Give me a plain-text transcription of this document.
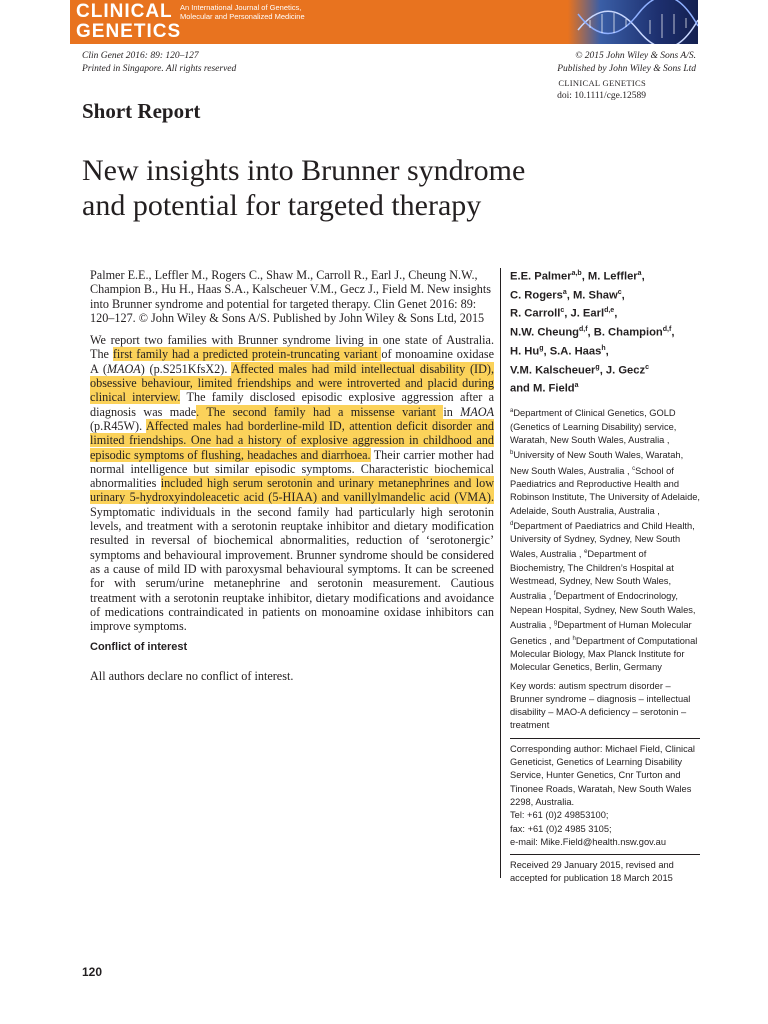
CLINICAL
GENETICS
An International Journal of Genetics, Molecular and Personalized Medicine
Clin Genet 2016: 89: 120–127
Printed in Singapore. All rights reserved
© 2015 John Wiley & Sons A/S.
Published by John Wiley & Sons Ltd
CLINICAL GENETICS
doi: 10.1111/cge.12589
Short Report
New insights into Brunner syndrome
and potential for targeted therapy

Palmer E.E., Leffler M., Rogers C., Shaw M., Carroll R., Earl J., Cheung N.W., Champion B., Hu H., Haas S.A., Kalscheuer V.M., Gecz J., Field M. New insights into Brunner syndrome and potential for targeted therapy. Clin Genet 2016: 89: 120–127. © John Wiley & Sons A/S. Published by John Wiley & Sons Ltd, 2015

We report two families with Brunner syndrome living in one state of Australia. The first family had a predicted protein-truncating variant of monoamine oxidase A (MAOA) (p.S251KfsX2). Affected males had mild intellectual disability (ID), obsessive behaviour, limited friendships and were introverted and placid during clinical interview. The family disclosed episodic explosive aggression after a diagnosis was made. The second family had a missense variant in MAOA (p.R45W). Affected males had borderline-mild ID, attention deficit disorder and limited friendships. One had a history of explosive aggression in childhood and episodic symptoms of flushing, headaches and diarrhoea. Their carrier mother had normal intelligence but similar episodic symptoms. Characteristic biochemical abnormalities included high serum serotonin and urinary metanephrines and low urinary 5-hydroxyindoleacetic acid (5-HIAA) and vanillylmandelic acid (VMA). Symptomatic individuals in the second family had particularly high serotonin levels, and treatment with a serotonin reuptake inhibitor and dietary modification resulted in reversal of biochemical abnormalities, reduction of ‘serotonergic’ symptoms and behavioural improvement. Brunner syndrome should be considered as a cause of mild ID with paroxysmal behavioural symptoms. It can be screened for with serum/urine metanephrine and serotonin measurement. Cautious treatment with a serotonin reuptake inhibitor, dietary modifications and avoidance of medications contraindicated in patients on monoamine oxidase inhibitors can improve symptoms.

Conflict of interest

All authors declare no conflict of interest.

E.E. Palmer$^{a,b}$, M. Leffler$^a$,
C. Rogers$^a$, M. Shaw$^c$,
R. Carroll$^c$, J. Earl$^{d,e}$,
N.W. Cheung$^{d,f}$, B. Champion$^{d,f}$,
H. Hu$^g$, S.A. Haas$^h$,
V.M. Kalscheuer$^g$, J. Gecz$^c$
and M. Field$^a$

$^a$Department of Clinical Genetics, GOLD (Genetics of Learning Disability) service, Waratah, New South Wales, Australia , $^b$University of New South Wales, Waratah, New South Wales, Australia , $^c$School of Paediatrics and Reproductive Health and Robinson Institute, The University of Adelaide, Adelaide, South Australia, Australia , $^d$Department of Paediatrics and Child Health, University of Sydney, Sydney, New South Wales, Australia , $^e$Department of Biochemistry, The Children’s Hospital at Westmead, Sydney, New South Wales, Australia , $^f$Department of Endocrinology, Nepean Hospital, Sydney, New South Wales, Australia , $^g$Department of Human Molecular Genetics , and $^h$Department of Computational Molecular Biology, Max Planck Institute for Molecular Genetics, Berlin, Germany

Key words: autism spectrum disorder – Brunner syndrome – diagnosis – intellectual disability – MAO-A deficiency – serotonin – treatment

Corresponding author: Michael Field, Clinical Geneticist, Genetics of Learning Disability Service, Hunter Genetics, Cnr Turton and Tinonee Roads, Waratah, New South Wales 2298, Australia.
Tel: +61 (0)2 49853100;
fax: +61 (0)2 4985 3105;
e-mail: Mike.Field@health.nsw.gov.au

Received 29 January 2015, revised and accepted for publication 18 March 2015

120
